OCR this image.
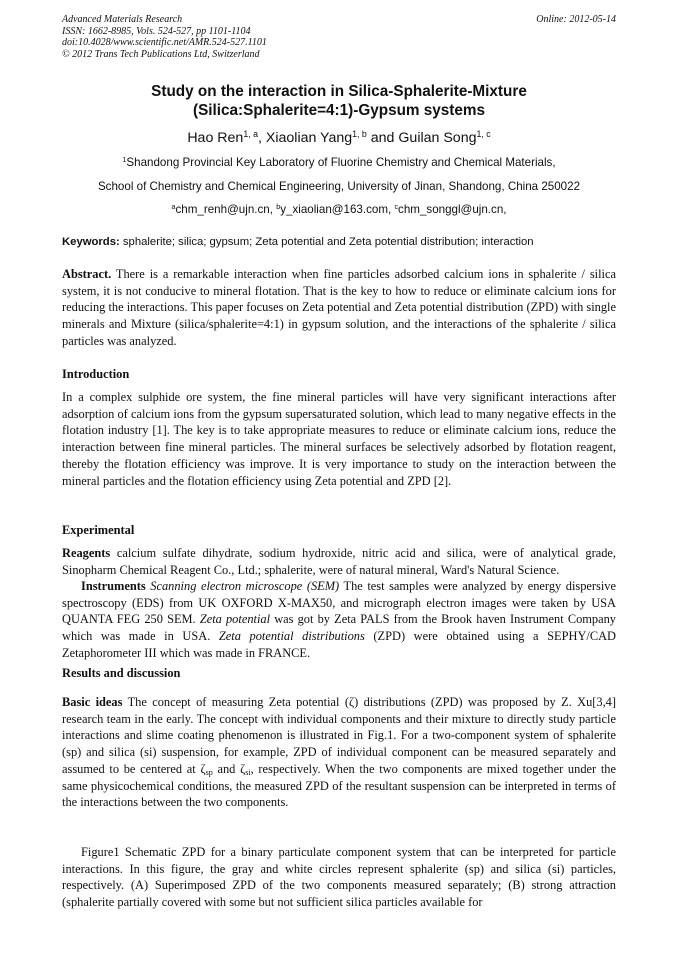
Advanced Materials Research
ISSN: 1662-8985, Vols. 524-527, pp 1101-1104
doi:10.4028/www.scientific.net/AMR.524-527.1101
© 2012 Trans Tech Publications Ltd, Switzerland
Online: 2012-05-14
Study on the interaction in Silica-Sphalerite-Mixture
(Silica:Sphalerite=4:1)-Gypsum systems
Hao Ren$^{1, a}$, Xiaolian Yang$^{1, b}$ and Guilan Song$^{1, c}$
$^1$Shandong Provincial Key Laboratory of Fluorine Chemistry and Chemical Materials,
School of Chemistry and Chemical Engineering, University of Jinan, Shandong, China 250022
$^a$chm_renh@ujn.cn, $^b$y_xiaolian@163.com, $^c$chm_songgl@ujn.cn,
Keywords: sphalerite; silica; gypsum; Zeta potential and Zeta potential distribution; interaction
Abstract. There is a remarkable interaction when fine particles adsorbed calcium ions in sphalerite / silica system, it is not conducive to mineral flotation. That is the key to how to reduce or eliminate calcium ions for reducing the interactions. This paper focuses on Zeta potential and Zeta potential distribution (ZPD) with single minerals and Mixture (silica/sphalerite=4:1) in gypsum solution, and the interactions of the sphalerite / silica particles was analyzed.
Introduction
In a complex sulphide ore system, the fine mineral particles will have very significant interactions after adsorption of calcium ions from the gypsum supersaturated solution, which lead to many negative effects in the flotation industry [1]. The key is to take appropriate measures to reduce or eliminate calcium ions, reduce the interaction between fine mineral particles. The mineral surfaces be selectively adsorbed by flotation reagent, thereby the flotation efficiency was improve. It is very importance to study on the interaction between the mineral particles and the flotation efficiency using Zeta potential and ZPD [2].
Experimental
Reagents calcium sulfate dihydrate, sodium hydroxide, nitric acid and silica, were of analytical grade, Sinopharm Chemical Reagent Co., Ltd.; sphalerite, were of natural mineral, Ward's Natural Science.
Instruments Scanning electron microscope (SEM) The test samples were analyzed by energy dispersive spectroscopy (EDS) from UK OXFORD X-MAX50, and micrograph electron images were taken by USA QUANTA FEG 250 SEM. Zeta potential was got by Zeta PALS from the Brook haven Instrument Company which was made in USA. Zeta potential distributions (ZPD) were obtained using a SEPHY/CAD Zetaphorometer III which was made in FRANCE.
Results and discussion
Basic ideas The concept of measuring Zeta potential (ζ) distributions (ZPD) was proposed by Z. Xu[3,4] research team in the early. The concept with individual components and their mixture to directly study particle interactions and slime coating phenomenon is illustrated in Fig.1. For a two-component system of sphalerite (sp) and silica (si) suspension, for example, ZPD of individual component can be measured separately and assumed to be centered at $\zeta_{sp}$ and $\zeta_{si}$, respectively. When the two components are mixed together under the same physicochemical conditions, the measured ZPD of the resultant suspension can be interpreted in terms of the interactions between the two components.
Figure1 Schematic ZPD for a binary particulate component system that can be interpreted for particle interactions. In this figure, the gray and white circles represent sphalerite (sp) and silica (si) particles, respectively. (A) Superimposed ZPD of the two components measured separately; (B) strong attraction (sphalerite partially covered with some but not sufficient silica particles available for
